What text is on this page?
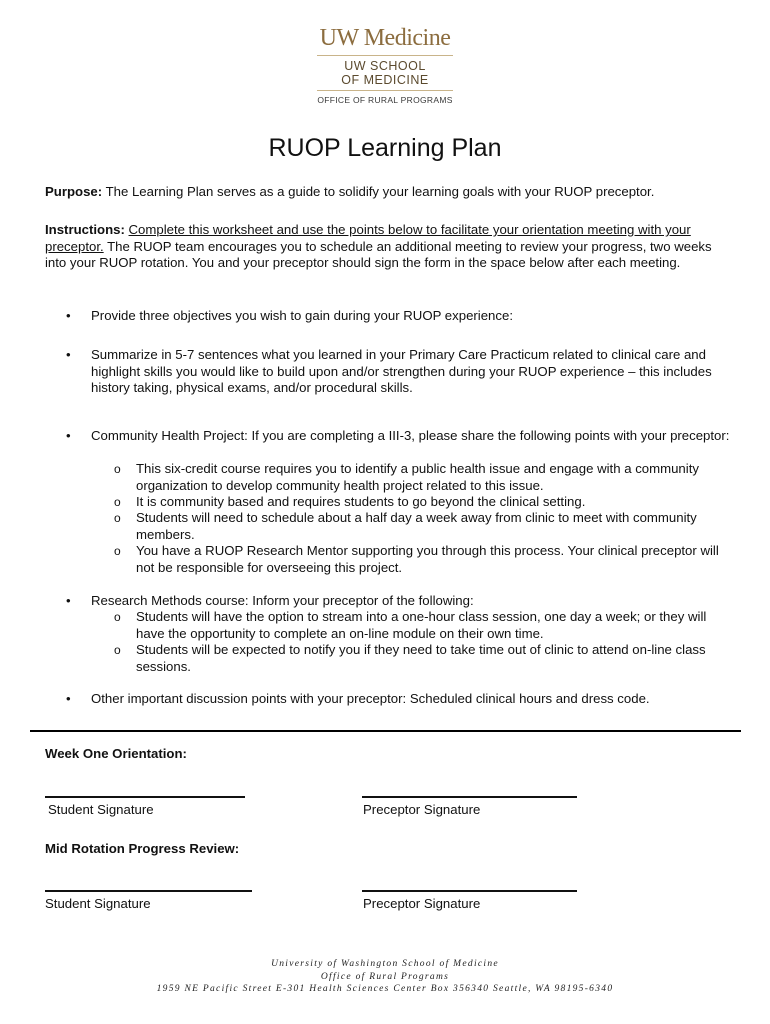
UW Medicine
UW SCHOOL
OF MEDICINE
OFFICE OF RURAL PROGRAMS
RUOP Learning Plan
Purpose: The Learning Plan serves as a guide to solidify your learning goals with your RUOP preceptor.
Instructions: Complete this worksheet and use the points below to facilitate your orientation meeting with your preceptor. The RUOP team encourages you to schedule an additional meeting to review your progress, two weeks into your RUOP rotation. You and your preceptor should sign the form in the space below after each meeting.
• Provide three objectives you wish to gain during your RUOP experience:
• Summarize in 5-7 sentences what you learned in your Primary Care Practicum related to clinical care and highlight skills you would like to build upon and/or strengthen during your RUOP experience – this includes history taking, physical exams, and/or procedural skills.
• Community Health Project: If you are completing a III-3, please share the following points with your preceptor:
o This six-credit course requires you to identify a public health issue and engage with a community organization to develop community health project related to this issue.
o It is community based and requires students to go beyond the clinical setting.
o Students will need to schedule about a half day a week away from clinic to meet with community members.
o You have a RUOP Research Mentor supporting you through this process. Your clinical preceptor will not be responsible for overseeing this project.
• Research Methods course: Inform your preceptor of the following:
o Students will have the option to stream into a one-hour class session, one day a week; or they will have the opportunity to complete an on-line module on their own time.
o Students will be expected to notify you if they need to take time out of clinic to attend on-line class sessions.
• Other important discussion points with your preceptor: Scheduled clinical hours and dress code.
Week One Orientation:
Student Signature	Preceptor Signature
Mid Rotation Progress Review:
Student Signature	Preceptor Signature
University of Washington School of Medicine
Office of Rural Programs
1959 NE Pacific Street E-301 Health Sciences Center Box 356340 Seattle, WA 98195-6340
